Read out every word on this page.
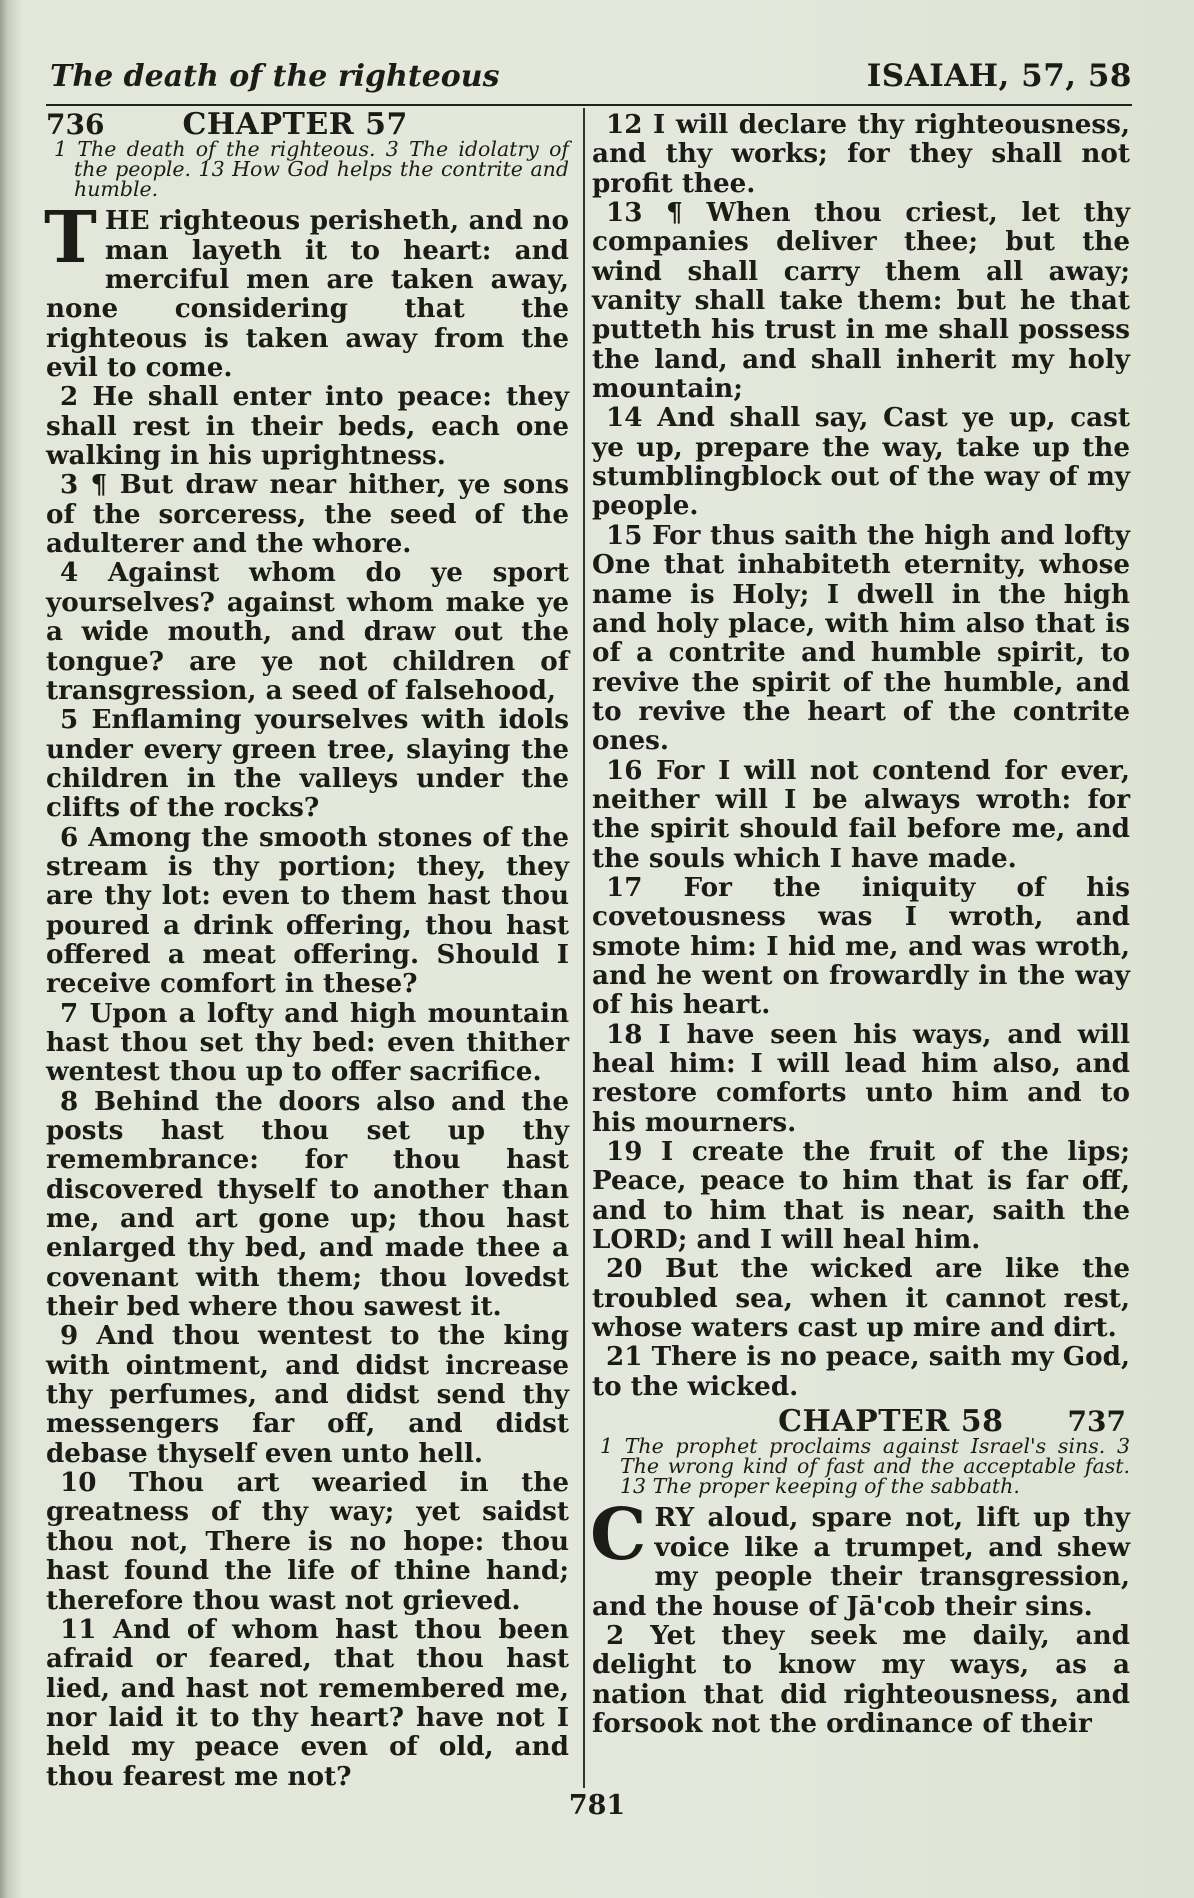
The death of the righteous	ISAIAH, 57, 58
736	CHAPTER 57

1 The death of the righteous. 3 The idolatry of the people. 13 How God helps the contrite and humble.

T HE righteous perisheth, and no man layeth it to heart: and merciful men are taken away, none considering that the righteous is taken away from the evil to come.

2 He shall enter into peace: they shall rest in their beds, each one walking in his uprightness.

3 ¶ But draw near hither, ye sons of the sorceress, the seed of the adulterer and the whore.

4 Against whom do ye sport yourselves? against whom make ye a wide mouth, and draw out the tongue? are ye not children of transgression, a seed of falsehood,

5 Enflaming yourselves with idols under every green tree, slaying the children in the valleys under the clifts of the rocks?

6 Among the smooth stones of the stream is thy portion; they, they are thy lot: even to them hast thou poured a drink offering, thou hast offered a meat offering. Should I receive comfort in these?

7 Upon a lofty and high mountain hast thou set thy bed: even thither wentest thou up to offer sacrifice.

8 Behind the doors also and the posts hast thou set up thy remembrance: for thou hast discovered thyself to another than me, and art gone up; thou hast enlarged thy bed, and made thee a covenant with them; thou lovedst their bed where thou sawest it.

9 And thou wentest to the king with ointment, and didst increase thy perfumes, and didst send thy messengers far off, and didst debase thyself even unto hell.

10 Thou art wearied in the greatness of thy way; yet saidst thou not, There is no hope: thou hast found the life of thine hand; therefore thou wast not grieved.

11 And of whom hast thou been afraid or feared, that thou hast lied, and hast not remembered me, nor laid it to thy heart? have not I held my peace even of old, and thou fearest me not?

12 I will declare thy righteousness, and thy works; for they shall not profit thee.

13 ¶ When thou criest, let thy companies deliver thee; but the wind shall carry them all away; vanity shall take them: but he that putteth his trust in me shall possess the land, and shall inherit my holy mountain;

14 And shall say, Cast ye up, cast ye up, prepare the way, take up the stumblingblock out of the way of my people.

15 For thus saith the high and lofty One that inhabiteth eternity, whose name is Holy; I dwell in the high and holy place, with him also that is of a contrite and humble spirit, to revive the spirit of the humble, and to revive the heart of the contrite ones.

16 For I will not contend for ever, neither will I be always wroth: for the spirit should fail before me, and the souls which I have made.

17 For the iniquity of his covetousness was I wroth, and smote him: I hid me, and was wroth, and he went on frowardly in the way of his heart.

18 I have seen his ways, and will heal him: I will lead him also, and restore comforts unto him and to his mourners.

19 I create the fruit of the lips; Peace, peace to him that is far off, and to him that is near, saith the LORD; and I will heal him.

20 But the wicked are like the troubled sea, when it cannot rest, whose waters cast up mire and dirt.

21 There is no peace, saith my God, to the wicked.

CHAPTER 58 737

1 The prophet proclaims against Israel's sins. 3 The wrong kind of fast and the acceptable fast. 13 The proper keeping of the sabbath.

C RY aloud, spare not, lift up thy voice like a trumpet, and shew my people their transgression, and the house of Jā'cob their sins.

2 Yet they seek me daily, and delight to know my ways, as a nation that did righteousness, and forsook not the ordinance of their

781
